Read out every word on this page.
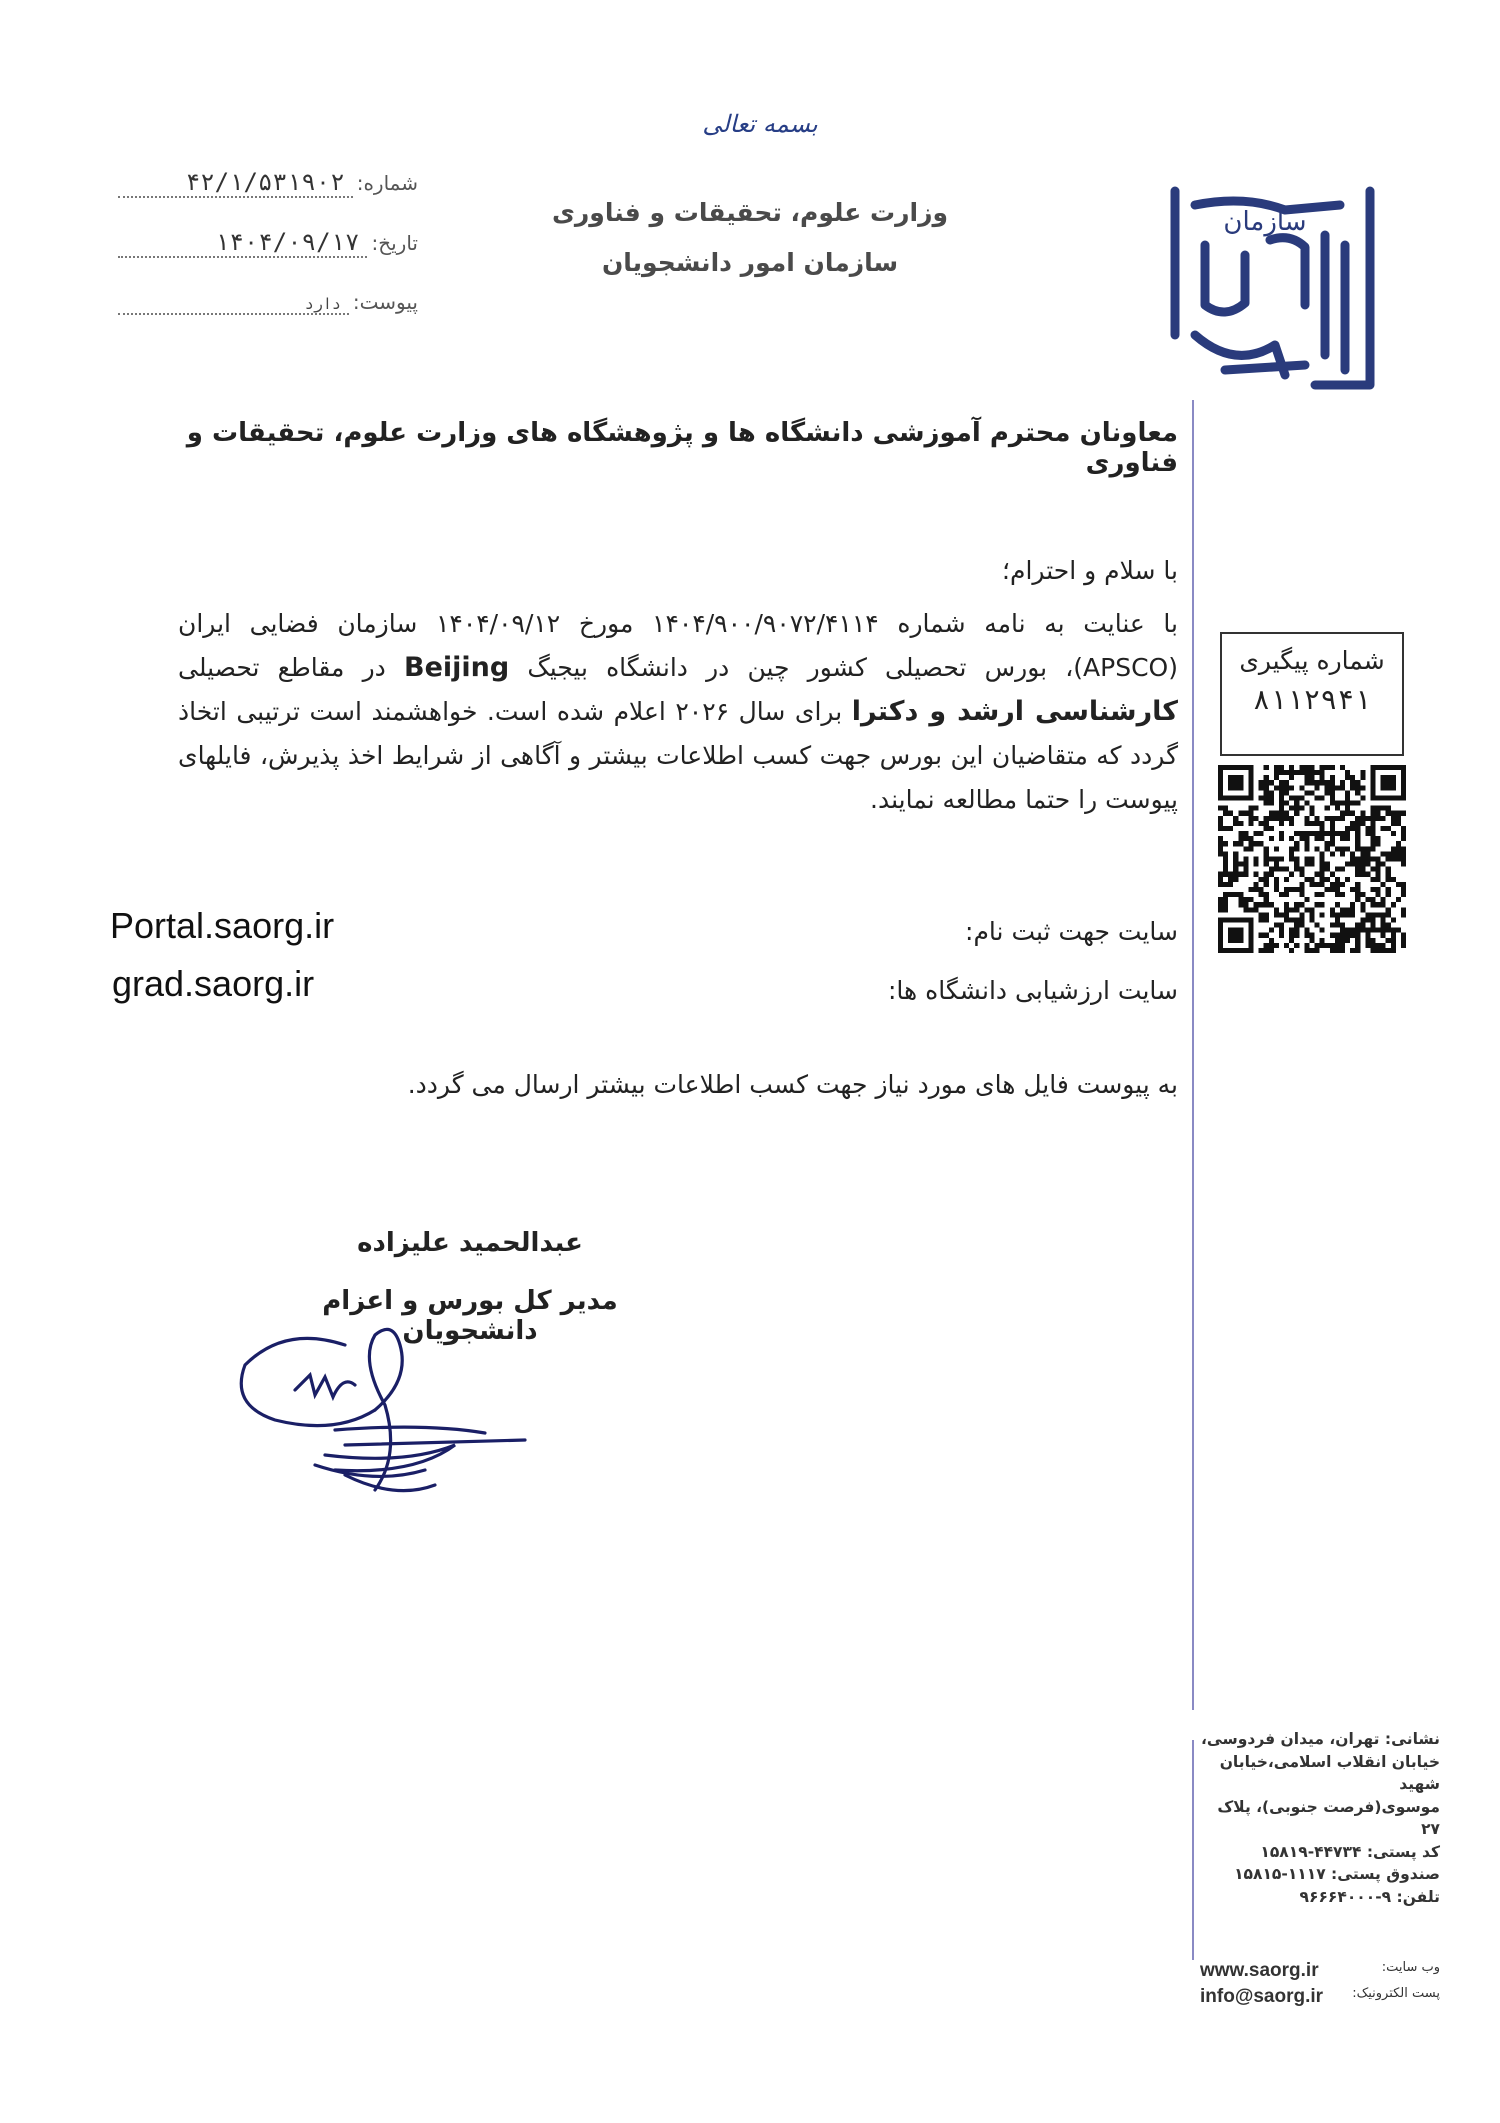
بسمه تعالی
وزارت علوم، تحقیقات و فناوری
سازمان امور دانشجویان
شماره:
۴۲/۱/۵۳۱۹۰۲
تاریخ:
۱۴۰۴/۰۹/۱۷
پیوست:
دارد
سازمان
معاونان محترم آموزشی دانشگاه ها و پژوهشگاه های وزارت علوم، تحقیقات و فناوری
با سلام و احترام؛
با عنایت به نامه شماره ۱۴۰۴/۹۰۰/۹۰۷۲/۴۱۱۴ مورخ ۱۴۰۴/۰۹/۱۲ سازمان فضایی ایران (APSCO)، بورس تحصیلی کشور چین در دانشگاه بیجیگ Beijing در مقاطع تحصیلی کارشناسی ارشد و دکترا برای سال ۲۰۲۶ اعلام شده است. خواهشمند است ترتیبی اتخاذ گردد که متقاضیان این بورس جهت کسب اطلاعات بیشتر و آگاهی از شرایط اخذ پذیرش، فایلهای پیوست را حتما مطالعه نمایند.
سایت جهت ثبت نام:
Portal.saorg.ir
سایت ارزشیابی دانشگاه ها:
grad.saorg.ir
به پیوست فایل های مورد نیاز جهت کسب اطلاعات بیشتر ارسال می گردد.
عبدالحمید علیزاده
مدیر کل بورس و اعزام دانشجویان
شماره پیگیری
۸۱۱۲۹۴۱
نشانی: تهران، میدان فردوسی،
خیابان انقلاب اسلامی،خیابان شهید
موسوی(فرصت جنوبی)، پلاک ۲۷
کد پستی: ۴۴۷۳۴-۱۵۸۱۹
صندوق پستی: ۱۱۱۷-۱۵۸۱۵
تلفن: ۹-۹۶۶۶۴۰۰۰
وب سایت:
www.saorg.ir
پست الکترونیک:
info@saorg.ir
